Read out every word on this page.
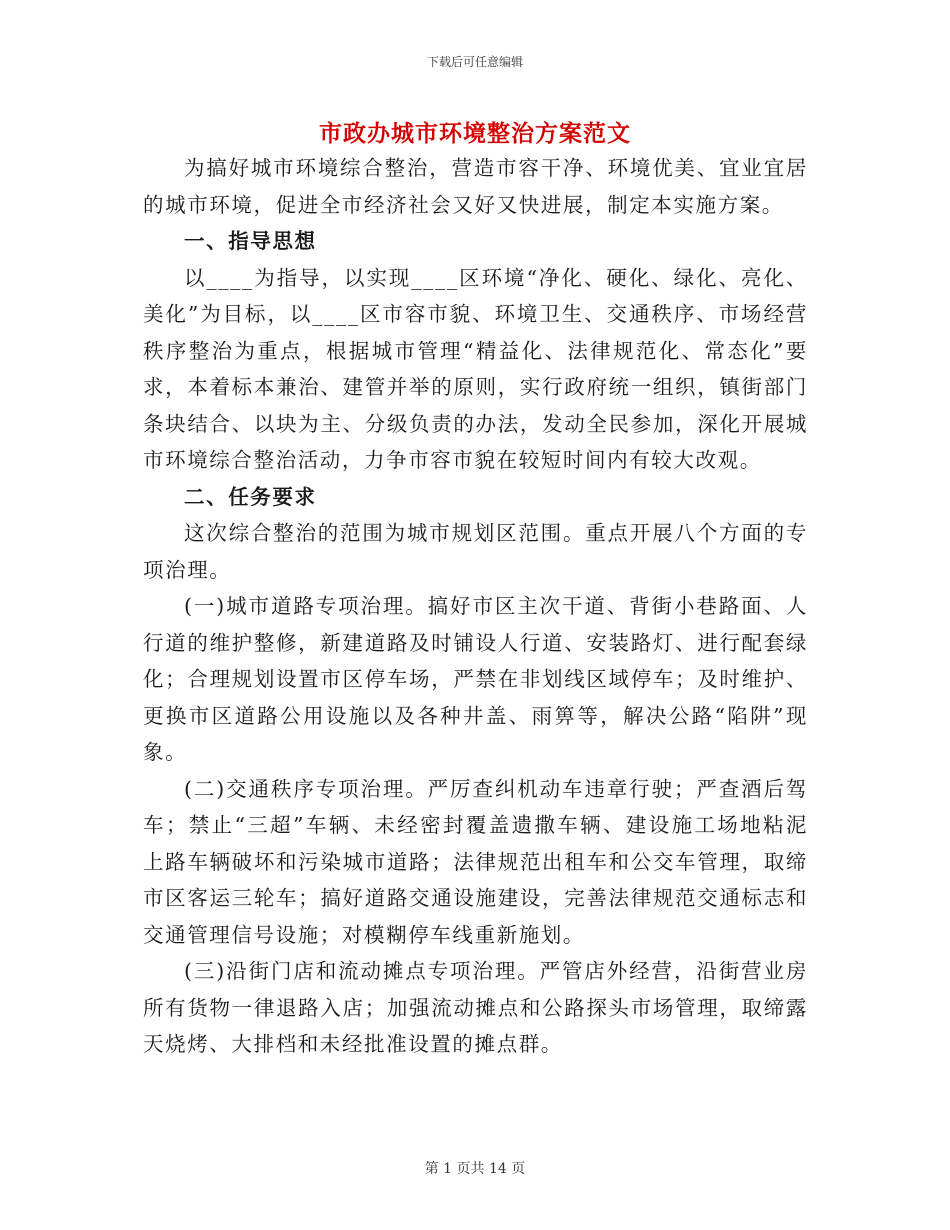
下载后可任意编辑
市政办城市环境整治方案范文

为搞好城市环境综合整治，营造市容干净、环境优美、宜业宜居的城市环境，促进全市经济社会又好又快进展，制定本实施方案。

一、指导思想

以____为指导，以实现____区环境“净化、硬化、绿化、亮化、美化”为目标，以____区市容市貌、环境卫生、交通秩序、市场经营秩序整治为重点，根据城市管理“精益化、法律规范化、常态化”要求，本着标本兼治、建管并举的原则，实行政府统一组织，镇街部门条块结合、以块为主、分级负责的办法，发动全民参加，深化开展城市环境综合整治活动，力争市容市貌在较短时间内有较大改观。

二、任务要求

这次综合整治的范围为城市规划区范围。重点开展八个方面的专项治理。

(一)城市道路专项治理。搞好市区主次干道、背街小巷路面、人行道的维护整修，新建道路及时铺设人行道、安装路灯、进行配套绿化；合理规划设置市区停车场，严禁在非划线区域停车；及时维护、更换市区道路公用设施以及各种井盖、雨箅等，解决公路“陷阱”现象。

(二)交通秩序专项治理。严厉查纠机动车违章行驶；严查酒后驾车；禁止“三超”车辆、未经密封覆盖遗撒车辆、建设施工场地粘泥上路车辆破坏和污染城市道路；法律规范出租车和公交车管理，取缔市区客运三轮车；搞好道路交通设施建设，完善法律规范交通标志和交通管理信号设施；对模糊停车线重新施划。

(三)沿街门店和流动摊点专项治理。严管店外经营，沿街营业房所有货物一律退路入店；加强流动摊点和公路探头市场管理，取缔露天烧烤、大排档和未经批准设置的摊点群。

第 1 页共 14 页
